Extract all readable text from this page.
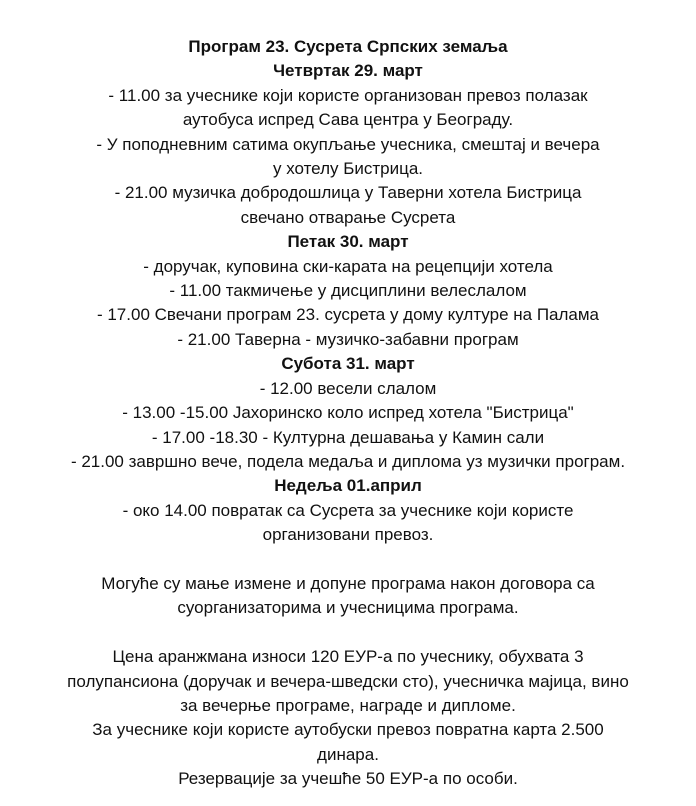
Програм 23. Сусрета Српских земаља

Четвртак 29. март

- 11.00 за учеснике који користе организован превоз полазак

аутобуса испред Сава центра у Београду.

- У поподневним сатима окупљање учесника, смештај и вечера

у хотелу Бистрица.

- 21.00 музичка добродошлица у Таверни хотела Бистрица

свечано отварање Сусрета

Петак 30. март

- доручак, куповина ски-карата на рецепцији хотела

- 11.00 такмичење у дисциплини велеслалом

- 17.00 Свечани програм 23. сусрета у дому културе на Палама

- 21.00 Таверна - музичко-забавни програм

Субота 31. март

- 12.00 весели слалом

- 13.00 -15.00 Јахоринско коло испред хотела "Бистрица"

- 17.00 -18.30 - Културна дешавања у Камин сали

- 21.00 завршно вече, подела медаља и диплома уз музички програм.

Недеља 01.април

- око 14.00 повратак са Сусрета за учеснике који користе

организовани превоз.

Могуће су мање измене и допуне програма након договора са

суорганизаторима и учесницима програма.

Цена аранжмана износи 120 ЕУР-а по учеснику, обухвата 3

полупансиона (доручак и вечера-шведски сто), учесничка мајица, вино

за вечерње програме, награде и дипломе.

За учеснике који користе аутобуски превоз повратна карта 2.500

динара.

Резервације за учешће 50 ЕУР-а по особи.
